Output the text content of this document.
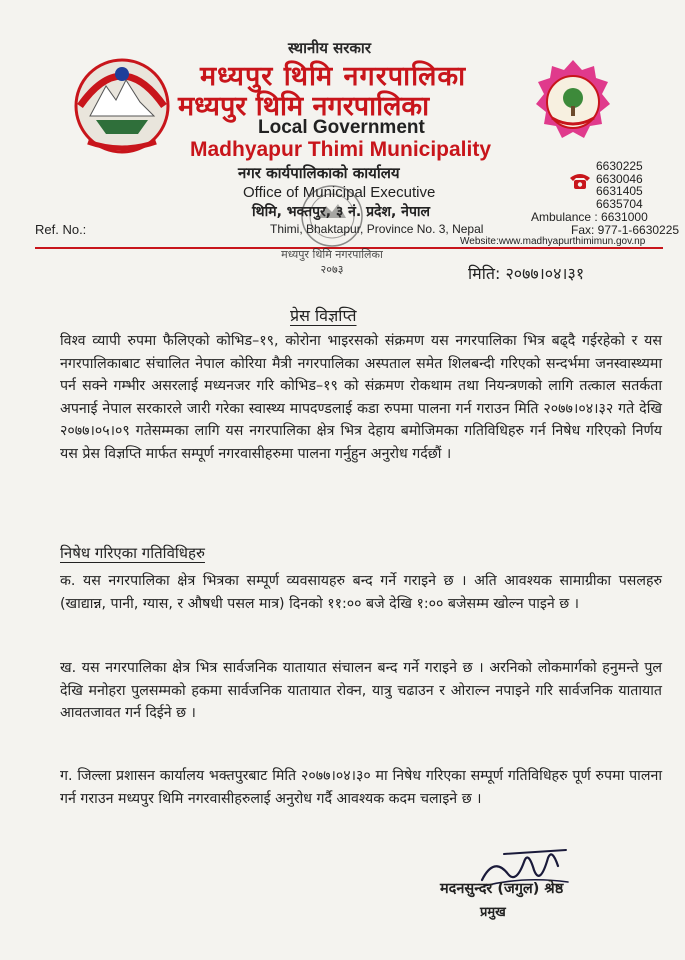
स्थानीय सरकार
मध्यपुर थिमि नगरपालिका
मध्यपुर थिमि नगरपालिका
Local Government
Madhyapur Thimi Municipality
नगर कार्यपालिकाको कार्यालय
Office of Municipal Executive
थिमि, भक्तपुर, ३ नं. प्रदेश, नेपाल
Thimi, Bhaktapur, Province No. 3, Nepal
6630225
6630046
6631405
6635704
Ambulance : 6631000
Fax: 977-1-6630225
Website:www.madhyapurthimimun.gov.np
Ref. No.:
मध्यपुर थिमि नगरपालिका
२०७३	मिति: २०७७।०४।३१
प्रेस विज्ञप्ति
विश्व व्यापी रुपमा फैलिएको कोभिड–१९, कोरोना भाइरसको संक्रमण यस नगरपालिका भित्र बढ्दै गईरहेको र यस नगरपालिकाबाट संचालित नेपाल कोरिया मैत्री नगरपालिका अस्पताल समेत शिलबन्दी गरिएको सन्दर्भमा जनस्वास्थ्यमा पर्न सक्ने गम्भीर असरलाई मध्यनजर गरि कोभिड–१९ को संक्रमण रोकथाम तथा नियन्त्रणको लागि तत्काल सतर्कता अपनाई नेपाल सरकारले जारी गरेका स्वास्थ्य मापदण्डलाई कडा रुपमा पालना गर्न गराउन मिति २०७७।०४।३२ गते देखि २०७७।०५।०९ गतेसम्मका लागि यस नगरपालिका क्षेत्र भित्र देहाय बमोजिमका गतिविधिहरु गर्न निषेध गरिएको निर्णय यस प्रेस विज्ञप्ति मार्फत सम्पूर्ण नगरवासीहरुमा पालना गर्नुहुन अनुरोध गर्दछौं ।
निषेध गरिएका गतिविधिहरु
क. यस नगरपालिका क्षेत्र भित्रका सम्पूर्ण व्यवसायहरु बन्द गर्ने गराइने छ । अति आवश्यक सामाग्रीका पसलहरु (खाद्यान्न, पानी, ग्यास, र औषधी पसल मात्र) दिनको ११:०० बजे देखि १:०० बजेसम्म खोल्न पाइने छ ।
ख. यस नगरपालिका क्षेत्र भित्र सार्वजनिक यातायात संचालन बन्द गर्ने गराइने छ । अरनिको लोकमार्गको हनुमन्ते पुल देखि मनोहरा पुलसम्मको हकमा सार्वजनिक यातायात रोक्न, यात्रु चढाउन र ओराल्न नपाइने गरि सार्वजनिक यातायात आवतजावत गर्न दिईने छ ।
ग. जिल्ला प्रशासन कार्यालय भक्तपुरबाट मिति २०७७।०४।३० मा निषेध गरिएका सम्पूर्ण गतिविधिहरु पूर्ण रुपमा पालना गर्न गराउन मध्यपुर थिमि नगरवासीहरुलाई अनुरोध गर्दै आवश्यक कदम चलाइने छ ।
मदनसुन्दर (जगुल) श्रेष्ठ
प्रमुख
